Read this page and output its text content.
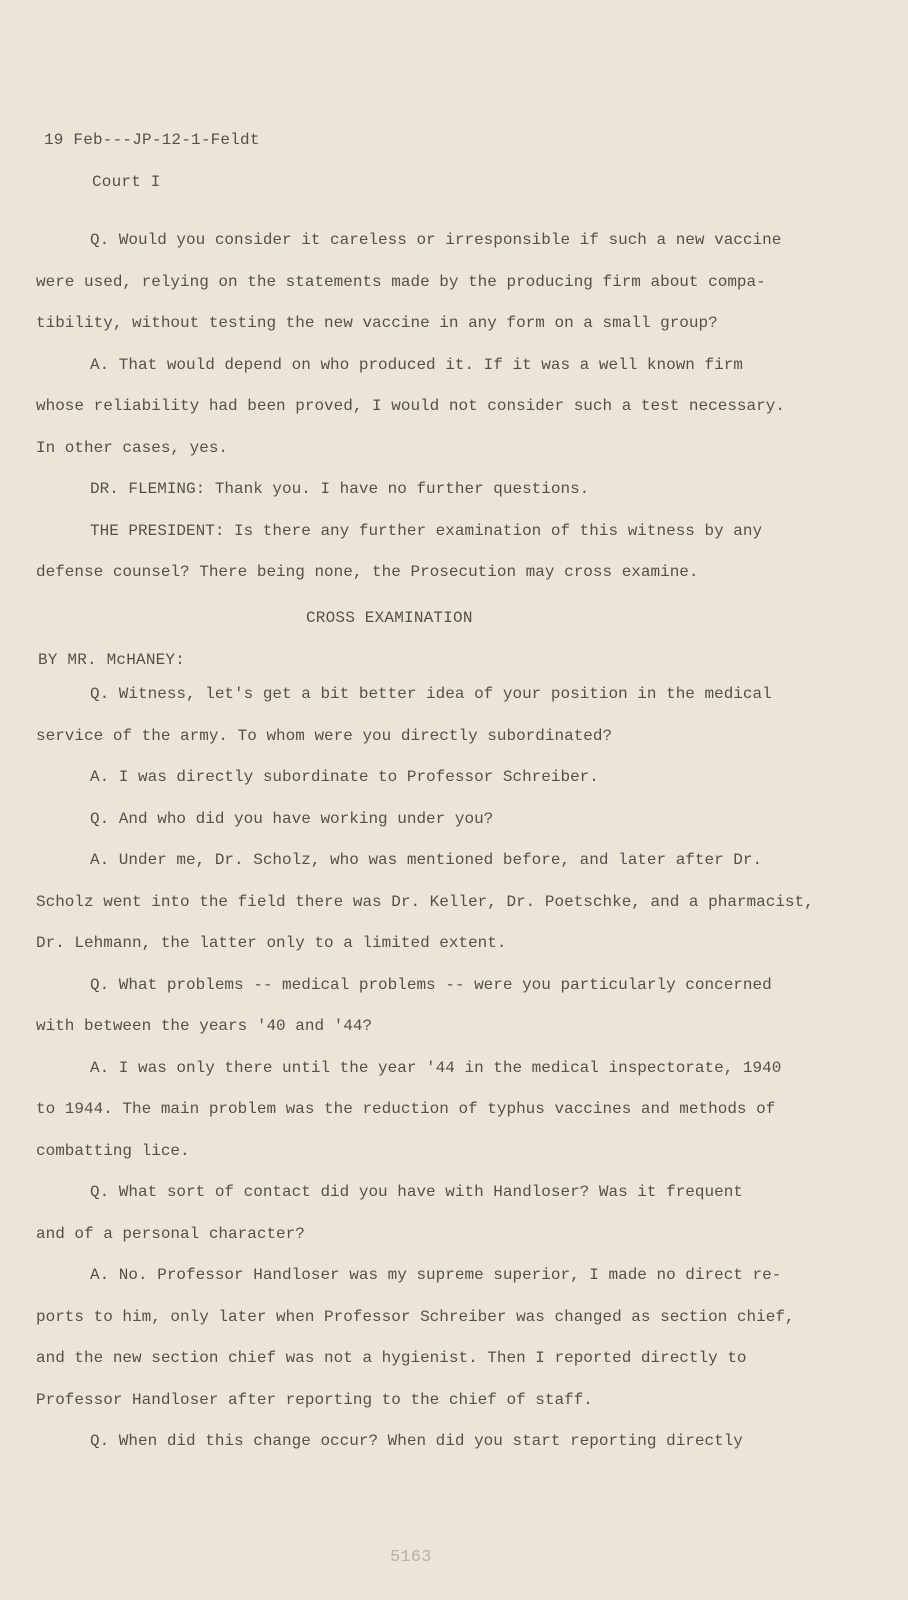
19 Feb-‑-JP-12-1-Feldt
Court I
Q. Would you consider it careless or irresponsible if such a new vaccine
were used, relying on the statements made by the producing firm about compa-
tibility, without testing the new vaccine in any form on a small group?
A. That would depend on who produced it. If it was a well known firm
whose reliability had been proved, I would not consider such a test necessary.
In other cases, yes.
DR. FLEMING: Thank you. I have no further questions.
THE PRESIDENT: Is there any further examination of this witness by any
defense counsel? There being none, the Prosecution may cross examine.
CROSS EXAMINATION
BY MR. McHANEY:
Q. Witness, let's get a bit better idea of your position in the medical
service of the army. To whom were you directly subordinated?
A. I was directly subordinate to Professor Schreiber.
Q. And who did you have working under you?
A. Under me, Dr. Scholz, who was mentioned before, and later after Dr.
Scholz went into the field there was Dr. Keller, Dr. Poetschke, and a pharmacist,
Dr. Lehmann, the latter only to a limited extent.
Q. What problems -- medical problems -- were you particularly concerned
with between the years '40 and '44?
A. I was only there until the year '44 in the medical inspectorate, 1940
to 1944. The main problem was the reduction of typhus vaccines and methods of
combatting lice.
Q. What sort of contact did you have with Handloser? Was it frequent
and of a personal character?
A. No. Professor Handloser was my supreme superior, I made no direct re-
ports to him, only later when Professor Schreiber was changed as section chief,
and the new section chief was not a hygienist. Then I reported directly to
Professor Handloser after reporting to the chief of staff.
Q. When did this change occur? When did you start reporting directly
5163
